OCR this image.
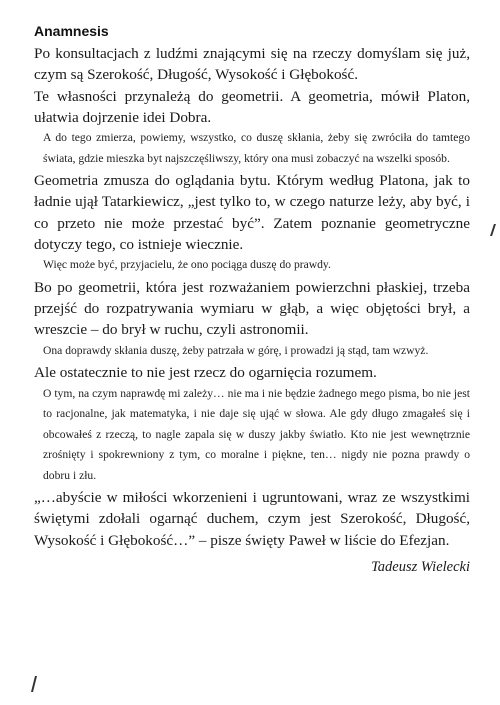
Anamnesis

Po konsultacjach z ludźmi znającymi się na rzeczy domyślam się już, czym są Szerokość, Długość, Wysokość i Głębokość.

Te własności przynależą do geometrii. A geometria, mówił Platon, ułatwia dojrzenie idei Dobra.

A do tego zmierza, powiemy, wszystko, co duszę skłania, żeby się zwróciła do tamtego świata, gdzie mieszka byt najszczęśliwszy, który ona musi zobaczyć na wszelki sposób.

Geometria zmusza do oglądania bytu. Którym według Platona, jak to ładnie ujął Tatarkiewicz, „jest tylko to, w czego naturze leży, aby być, i co przeto nie może przestać być”. Zatem poznanie geometryczne dotyczy tego, co istnieje wiecznie.

Więc może być, przyjacielu, że ono pociąga duszę do prawdy.

Bo po geometrii, która jest rozważaniem powierzchni płaskiej, trzeba przejść do rozpatrywania wymiaru w głąb, a więc objętości brył, a wreszcie – do brył w ruchu, czyli astronomii.

Ona doprawdy skłania duszę, żeby patrzała w górę, i prowadzi ją stąd, tam wzwyż.

Ale ostatecznie to nie jest rzecz do ogarnięcia rozumem.

O tym, na czym naprawdę mi zależy… nie ma i nie będzie żadnego mego pisma, bo nie jest to racjonalne, jak matematyka, i nie daje się ująć w słowa. Ale gdy długo zmagałeś się i obcowałeś z rzeczą, to nagle zapala się w duszy jakby światło. Kto nie jest wewnętrznie zrośnięty i spokrewniony z tym, co moralne i piękne, ten… nigdy nie pozna prawdy o dobru i złu.

„…abyście w miłości wkorzenieni i ugruntowani, wraz ze wszystkimi świętymi zdołali ogarnąć duchem, czym jest Szerokość, Długość, Wysokość i Głębokość…” – pisze święty Paweł w liście do Efezjan.

Tadeusz Wielecki
